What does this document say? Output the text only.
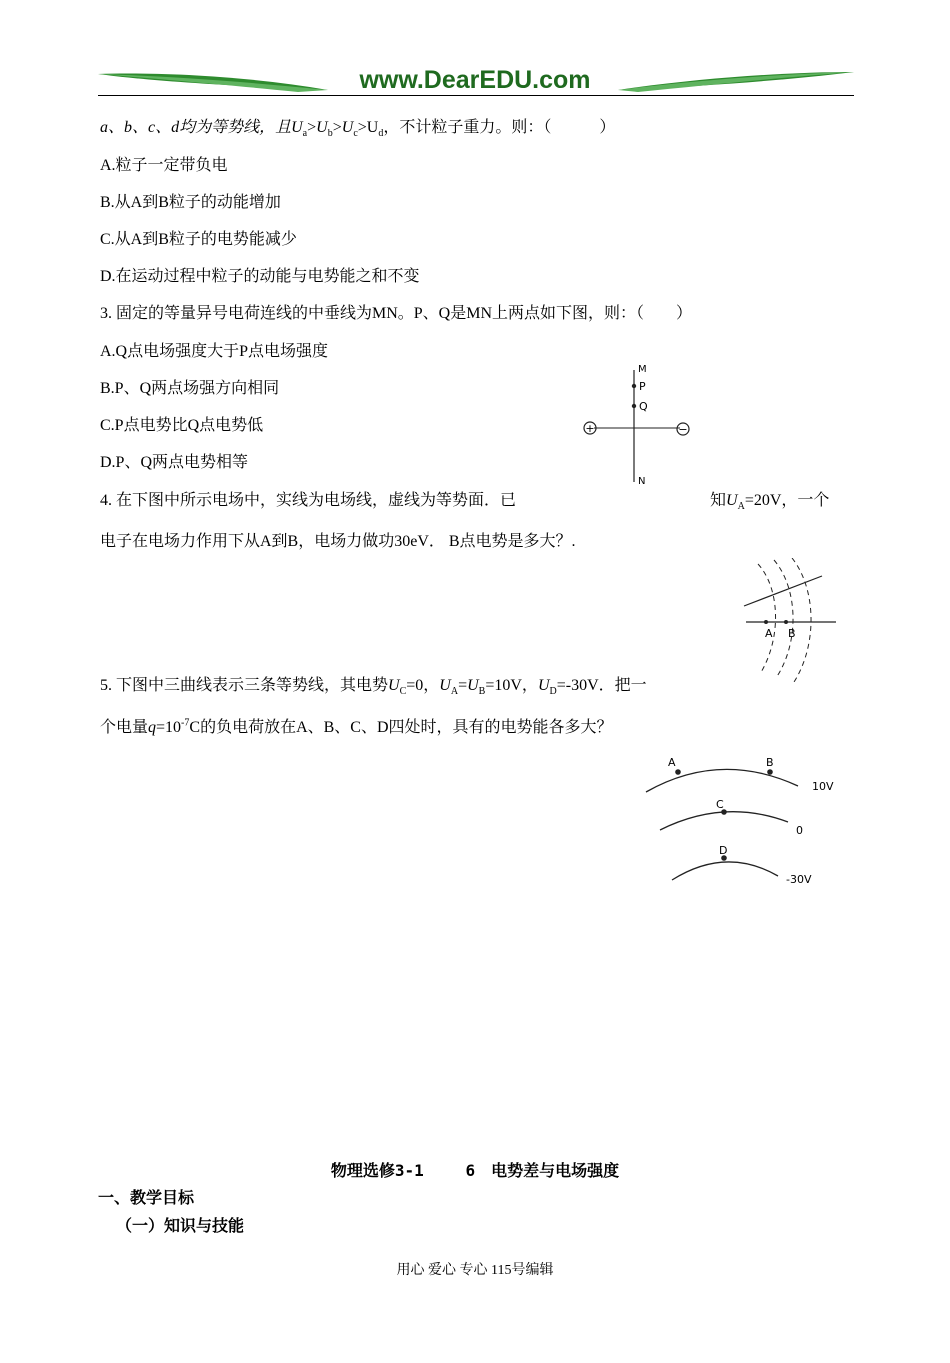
www.DearEDU.com
a、b、c、d均为等势线，且$U_a>U_b>U_c>U_d$，不计粒子重力。则：（	）
A.粒子一定带负电
B.从A到B粒子的动能增加
C.从A到B粒子的电势能减少
D.在运动过程中粒子的动能与电势能之和不变
3. 固定的等量异号电荷连线的中垂线为MN。P、Q是MN上两点如下图，则：（　　）
A.Q点电场强度大于P点电场强度
B.P、Q两点场强方向相同
C.P点电势比Q点电势低
D.P、Q两点电势相等
+	−
M
P
Q
N
4. 在下图中所示电场中，实线为电场线，虚线为等势面．已	知$U_A=20V$，一个
电子在电场力作用下从A到B，电场力做功30eV． B点电势是多大？.
A B
5. 下图中三曲线表示三条等势线，其电势$U_C=0$，$U_A=U_B=10V$，$U_D=-30V$．把一
个电量$q=10^{-7}C$的负电荷放在A、B、C、D四处时，具有的电势能各多大？
A	B
C
D
10V
0
-30V
物理选修3-1　　 6　电势差与电场强度
一、教学目标
（一）知识与技能
用心 爱心 专心 115号编辑
